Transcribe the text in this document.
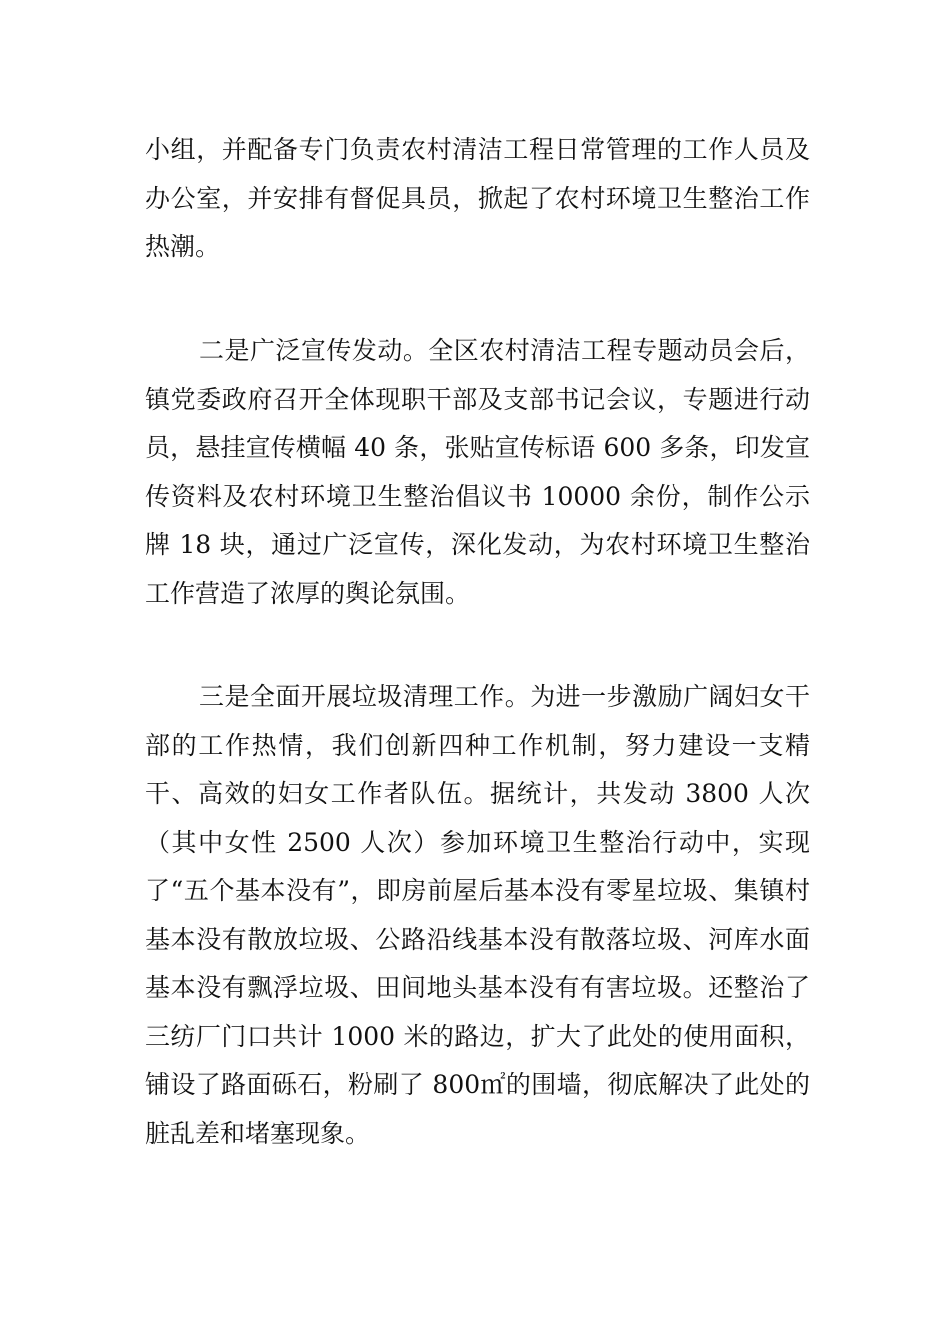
小组，并配备专门负责农村清洁工程日常管理的工作人员及办公室，并安排有督促具员，掀起了农村环境卫生整治工作热潮。

二是广泛宣传发动。全区农村清洁工程专题动员会后，镇党委政府召开全体现职干部及支部书记会议，专题进行动员，悬挂宣传横幅 40 条，张贴宣传标语 600 多条，印发宣传资料及农村环境卫生整治倡议书 10000 余份，制作公示牌 18 块，通过广泛宣传，深化发动，为农村环境卫生整治工作营造了浓厚的舆论氛围。

三是全面开展垃圾清理工作。为进一步激励广阔妇女干部的工作热情，我们创新四种工作机制，努力建设一支精干、高效的妇女工作者队伍。据统计，共发动 3800 人次（其中女性 2500 人次）参加环境卫生整治行动中，实现了“五个基本没有”，即房前屋后基本没有零星垃圾、集镇村基本没有散放垃圾、公路沿线基本没有散落垃圾、河库水面基本没有飘浮垃圾、田间地头基本没有有害垃圾。还整治了三纺厂门口共计 1000 米的路边，扩大了此处的使用面积，铺设了路面砾石，粉刷了 800㎡的围墙，彻底解决了此处的脏乱差和堵塞现象。
